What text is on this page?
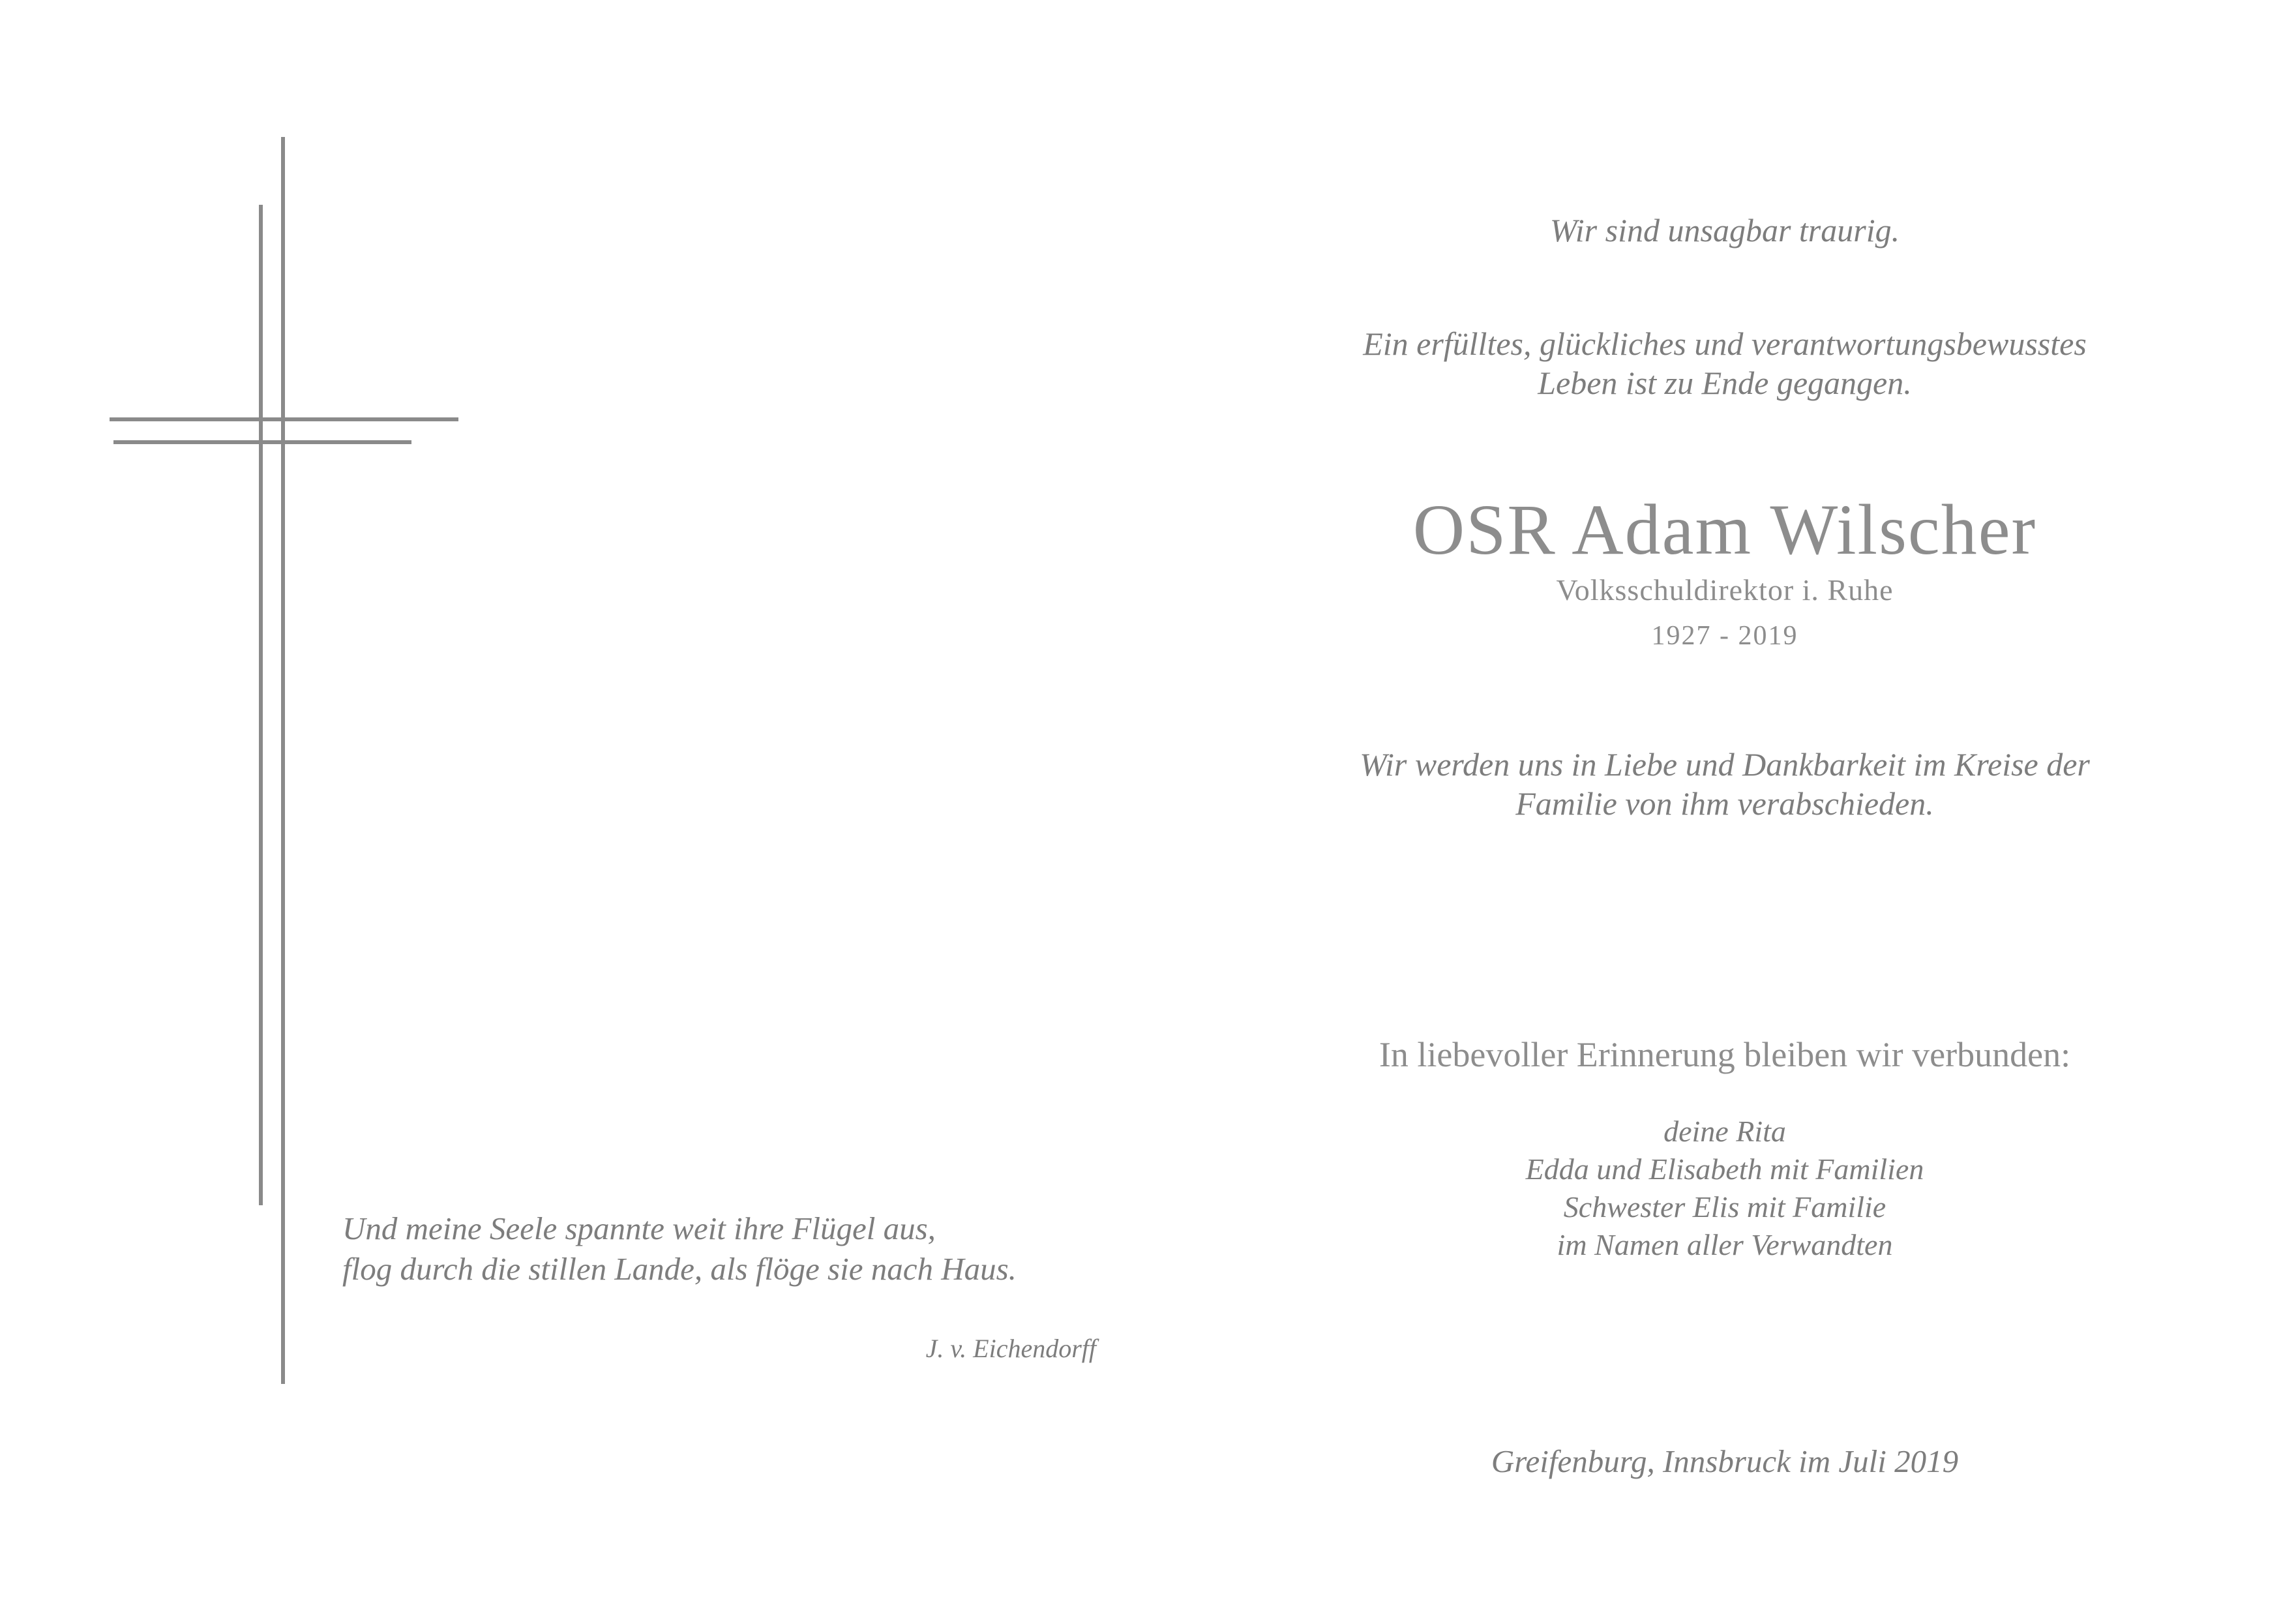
Und meine Seele spannte weit ihre Flügel aus,
flog durch die stillen Lande, als flöge sie nach Haus.
J. v. Eichendorff
Wir sind unsagbar traurig.
Ein erfülltes, glückliches und verantwortungsbewusstes
Leben ist zu Ende gegangen.
OSR Adam Wilscher
Volksschuldirektor i. Ruhe
1927 - 2019
Wir werden uns in Liebe und Dankbarkeit im Kreise der
Familie von ihm verabschieden.
In liebevoller Erinnerung bleiben wir verbunden:
deine Rita
Edda und Elisabeth mit Familien
Schwester Elis mit Familie
im Namen aller Verwandten
Greifenburg, Innsbruck im Juli 2019
